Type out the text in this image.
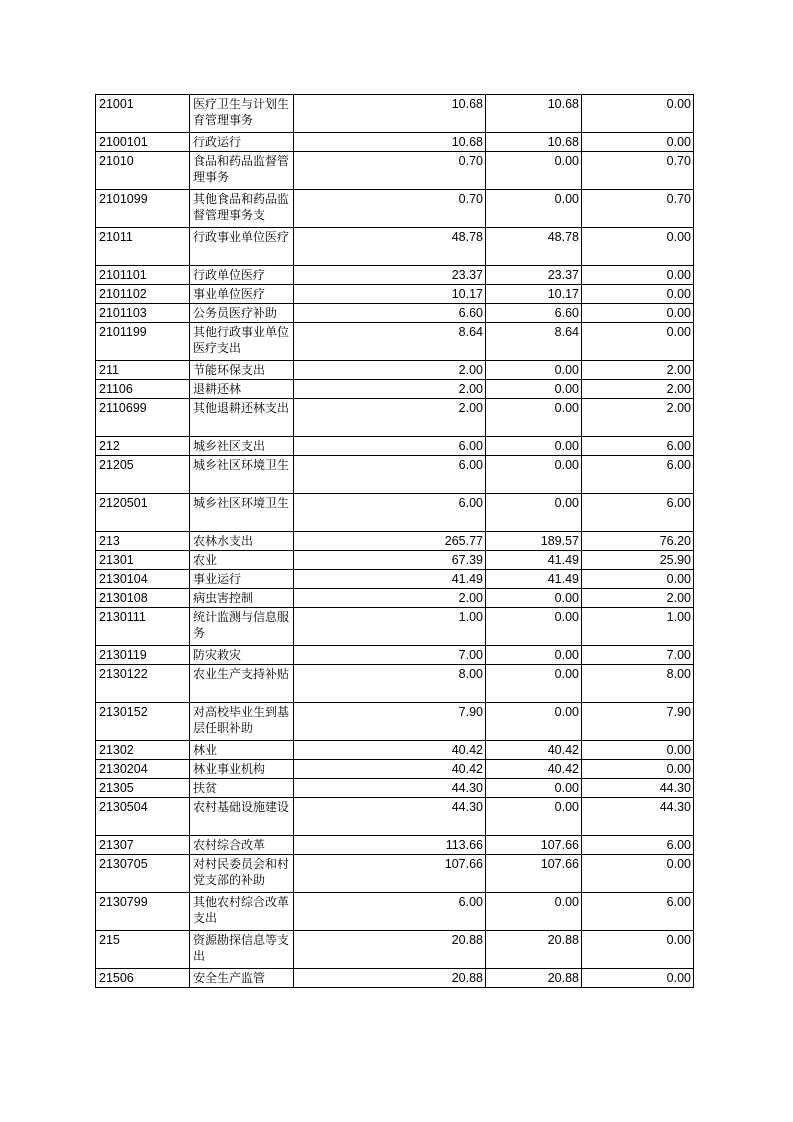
21001	医疗卫生与计划生育管理事务	10.68	10.68	0.00
2100101	行政运行	10.68	10.68	0.00
21010	食品和药品监督管理事务	0.70	0.00	0.70
2101099	其他食品和药品监督管理事务支	0.70	0.00	0.70
21011	行政事业单位医疗	48.78	48.78	0.00
2101101	行政单位医疗	23.37	23.37	0.00
2101102	事业单位医疗	10.17	10.17	0.00
2101103	公务员医疗补助	6.60	6.60	0.00
2101199	其他行政事业单位医疗支出	8.64	8.64	0.00
211	节能环保支出	2.00	0.00	2.00
21106	退耕还林	2.00	0.00	2.00
2110699	其他退耕还林支出	2.00	0.00	2.00
212	城乡社区支出	6.00	0.00	6.00
21205	城乡社区环境卫生	6.00	0.00	6.00
2120501	城乡社区环境卫生	6.00	0.00	6.00
213	农林水支出	265.77	189.57	76.20
21301	农业	67.39	41.49	25.90
2130104	事业运行	41.49	41.49	0.00
2130108	病虫害控制	2.00	0.00	2.00
2130111	统计监测与信息服务	1.00	0.00	1.00
2130119	防灾救灾	7.00	0.00	7.00
2130122	农业生产支持补贴	8.00	0.00	8.00
2130152	对高校毕业生到基层任职补助	7.90	0.00	7.90
21302	林业	40.42	40.42	0.00
2130204	林业事业机构	40.42	40.42	0.00
21305	扶贫	44.30	0.00	44.30
2130504	农村基础设施建设	44.30	0.00	44.30
21307	农村综合改革	113.66	107.66	6.00
2130705	对村民委员会和村党支部的补助	107.66	107.66	0.00
2130799	其他农村综合改革支出	6.00	0.00	6.00
215	资源勘探信息等支出	20.88	20.88	0.00
21506	安全生产监管	20.88	20.88	0.00
